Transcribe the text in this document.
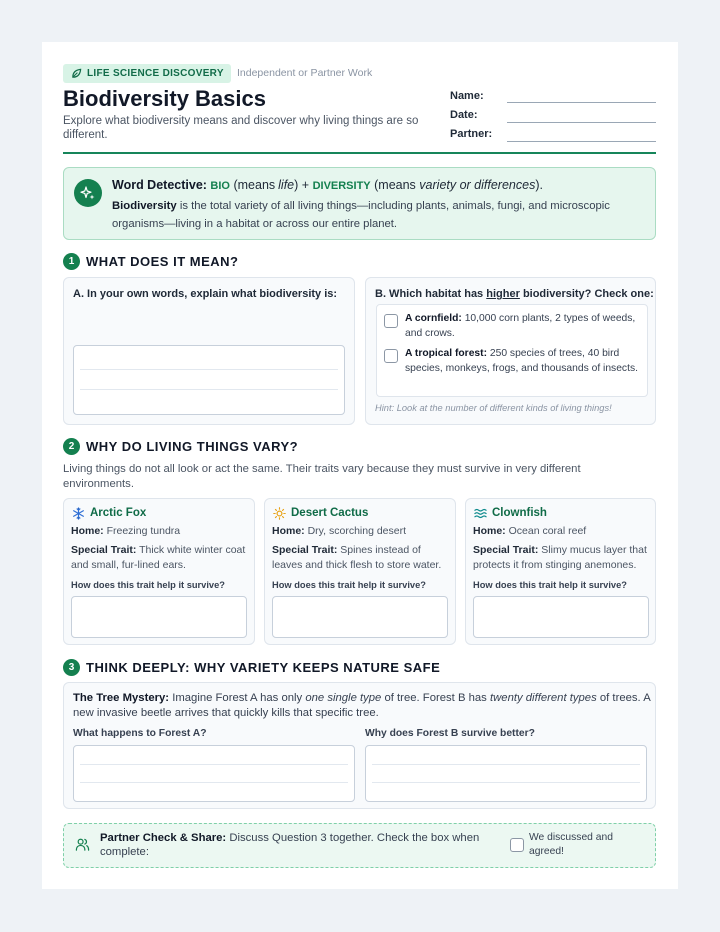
LIFE SCIENCE DISCOVERY Independent or Partner Work
Biodiversity Basics
Explore what biodiversity means and discover why living things are so different.
Name:
Date:
Partner:
Word Detective: BIO (means life) + DIVERSITY (means variety or differences).
Biodiversity is the total variety of all living things—including plants, animals, fungi, and microscopic organisms—living in a habitat or across our entire planet.
1 WHAT DOES IT MEAN?
A. In your own words, explain what biodiversity is:	B. Which habitat has higher biodiversity? Check one:
A cornfield: 10,000 corn plants, 2 types of weeds, and crows.
A tropical forest: 250 species of trees, 40 bird species, monkeys, frogs, and thousands of insects.
Hint: Look at the number of different kinds of living things!
2 WHY DO LIVING THINGS VARY?
Living things do not all look or act the same. Their traits vary because they must survive in very different environments.
Arctic Fox
Home: Freezing tundra
Special Trait: Thick white winter coat and small, fur-lined ears.
How does this trait help it survive?
Desert Cactus
Home: Dry, scorching desert
Special Trait: Spines instead of leaves and thick flesh to store water.
How does this trait help it survive?
Clownfish
Home: Ocean coral reef
Special Trait: Slimy mucus layer that protects it from stinging anemones.
How does this trait help it survive?
3 THINK DEEPLY: WHY VARIETY KEEPS NATURE SAFE
The Tree Mystery: Imagine Forest A has only one single type of tree. Forest B has twenty different types of trees. A new invasive beetle arrives that quickly kills that specific tree.
What happens to Forest A?	Why does Forest B survive better?
Partner Check & Share: Discuss Question 3 together. Check the box when complete:
We discussed and agreed!
